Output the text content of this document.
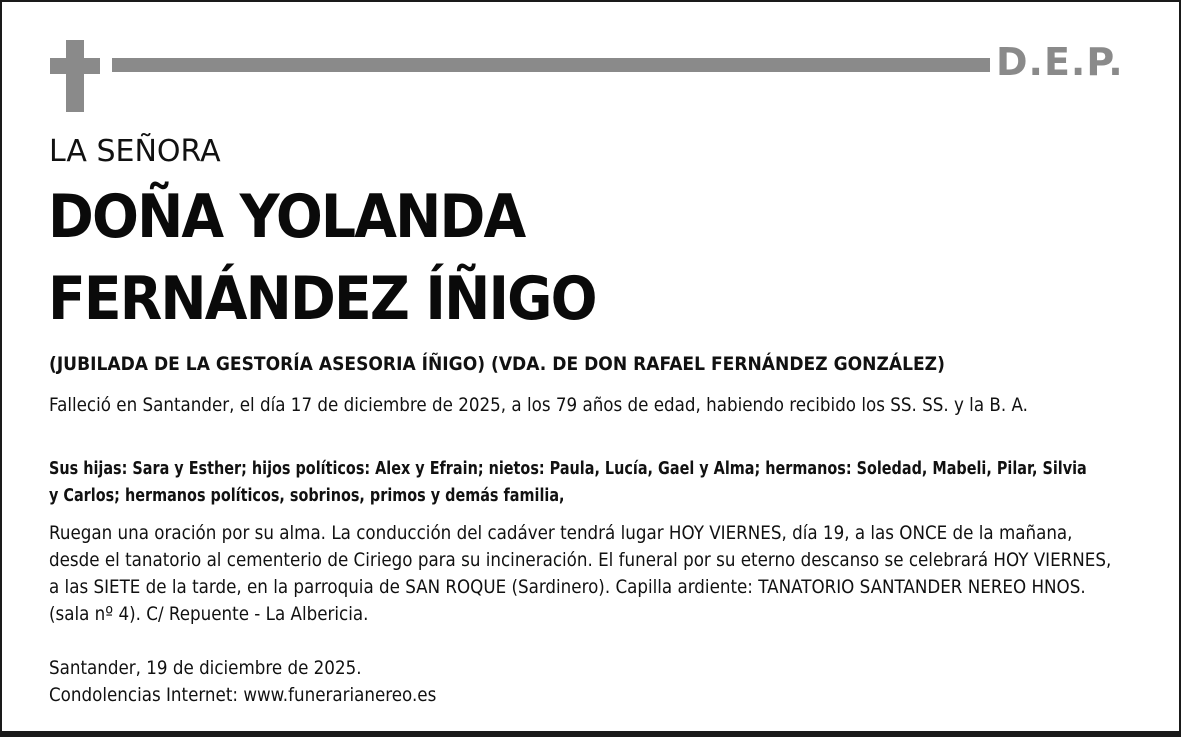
D.E.P.
LA SEÑORA
DOÑA YOLANDA
FERNÁNDEZ ÍÑIGO
(JUBILADA DE LA GESTORÍA ASESORIA ÍÑIGO) (VDA. DE DON RAFAEL FERNÁNDEZ GONZÁLEZ)
Falleció en Santander, el día 17 de diciembre de 2025, a los 79 años de edad, habiendo recibido los SS. SS. y la B. A.
Sus hijas: Sara y Esther; hijos políticos: Alex y Efrain; nietos: Paula, Lucía, Gael y Alma; hermanos: Soledad, Mabeli, Pilar, Silvia y Carlos; hermanos políticos, sobrinos, primos y demás familia,
Ruegan una oración por su alma. La conducción del cadáver tendrá lugar HOY VIERNES, día 19, a las ONCE de la mañana, desde el tanatorio al cementerio de Ciriego para su incineración. El funeral por su eterno descanso se celebrará HOY VIERNES, a las SIETE de la tarde, en la parroquia de SAN ROQUE (Sardinero). Capilla ardiente: TANATORIO SANTANDER NEREO HNOS. (sala nº 4). C/ Repuente - La Albericia.
Santander, 19 de diciembre de 2025.
Condolencias Internet: www.funerarianereo.es
